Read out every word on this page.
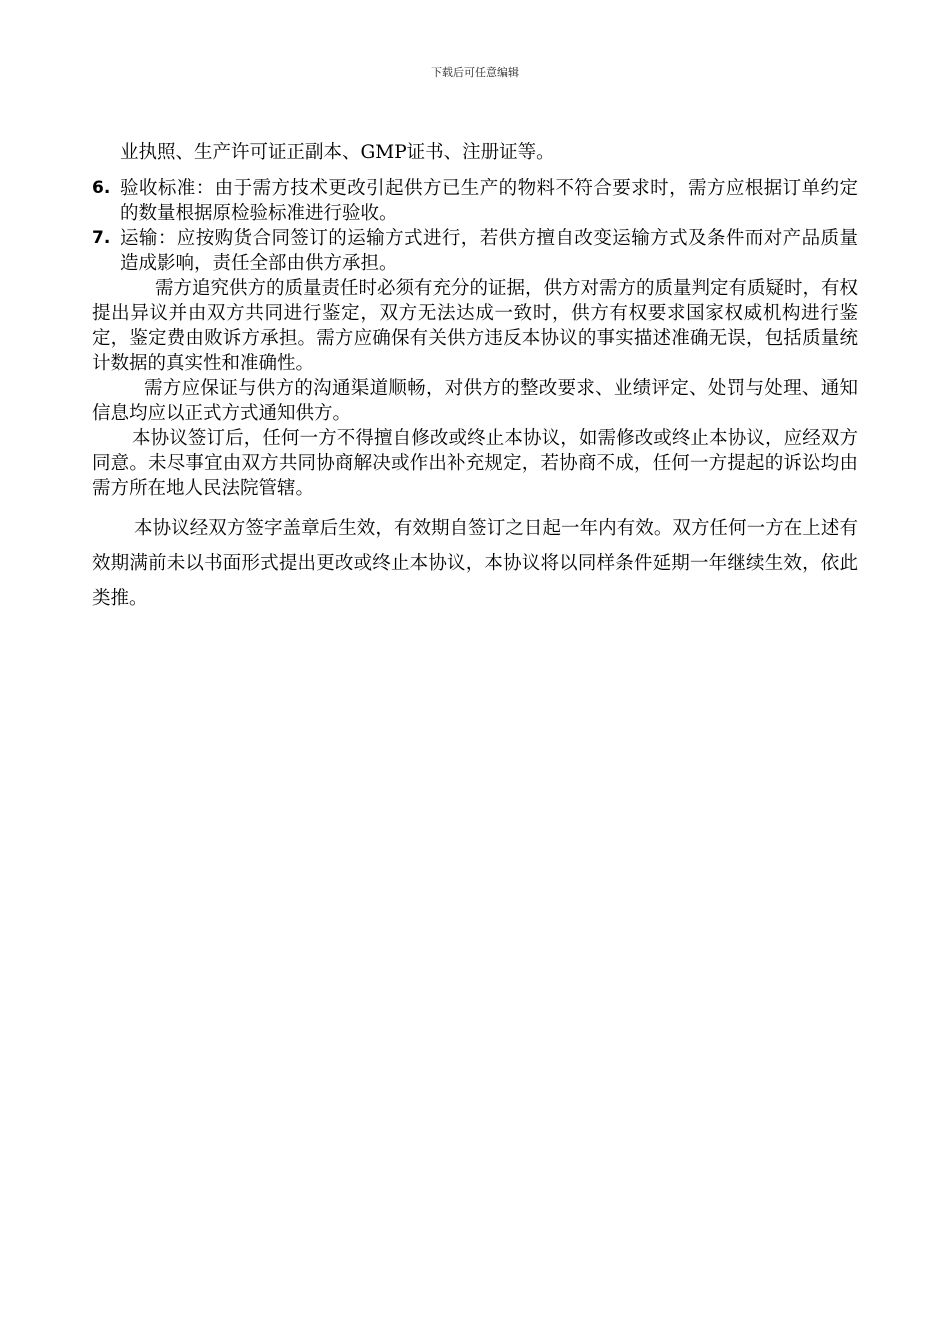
下载后可任意编辑

业执照、生产许可证正副本、GMP证书、注册证等。

6. 验收标准：由于需方技术更改引起供方已生产的物料不符合要求时，需方应根据订单约定的数量根据原检验标准进行验收。
7. 运输：应按购货合同签订的运输方式进行，若供方擅自改变运输方式及条件而对产品质量造成影响，责任全部由供方承担。

需方追究供方的质量责任时必须有充分的证据，供方对需方的质量判定有质疑时，有权提出异议并由双方共同进行鉴定，双方无法达成一致时，供方有权要求国家权威机构进行鉴定，鉴定费由败诉方承担。需方应确保有关供方违反本协议的事实描述准确无误，包括质量统计数据的真实性和准确性。

需方应保证与供方的沟通渠道顺畅，对供方的整改要求、业绩评定、处罚与处理、通知信息均应以正式方式通知供方。

本协议签订后，任何一方不得擅自修改或终止本协议，如需修改或终止本协议，应经双方同意。未尽事宜由双方共同协商解决或作出补充规定，若协商不成，任何一方提起的诉讼均由需方所在地人民法院管辖。

本协议经双方签字盖章后生效，有效期自签订之日起一年内有效。双方任何一方在上述有效期满前未以书面形式提出更改或终止本协议，本协议将以同样条件延期一年继续生效，依此类推。
